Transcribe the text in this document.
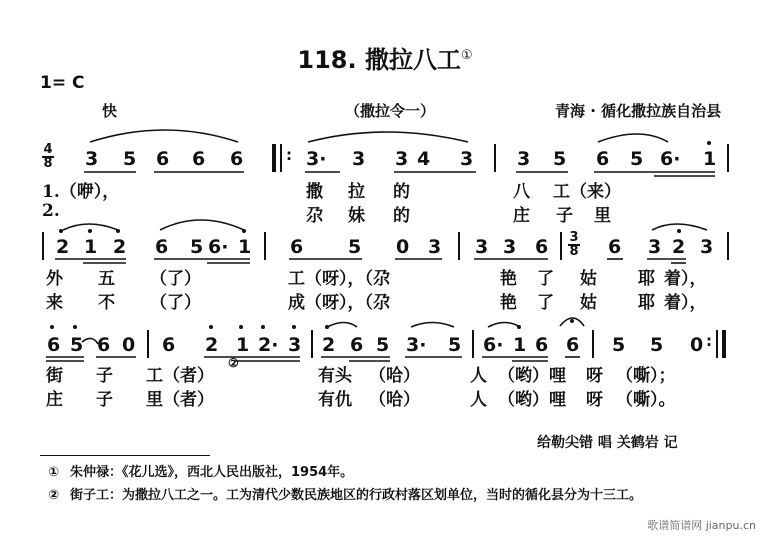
118. 撒拉八工①
1= C
快	（撒拉令一）	青海 · 循化撒拉族自治县
4
8 3 5 6 6 6	: 3· 3 3 4 3 3 5 6 5 6· 1
1.（咿），	撒 拉 的	八 工（来）
2.	尕 妹 的	庄 子 里
2 1 2 6 5 6· 1 6 5 0 3 3 3 6 3
8 6 3 2 3
外 五 （了）	工（呀），（尕	艳 了 姑 耶 着），
来 不 （了）	成（呀），（尕	艳 了 姑 耶 着），
6 5 6 0 6 2 1 2· 3 2 6 5 3· 5 6· 1 6 6 5 5 0 :
街 子 工（者）
②
有头 （哈）	人 （哟）哩 呀 （嘶）；
庄 子 里（者）	有仇 （哈）	人 （哟）哩 呀 （嘶）。
给勒尖错 唱 关鹤岩 记
① 朱仲禄：《花儿选》，西北人民出版社，1954年。
② 街子工：为撒拉八工之一。工为清代少数民族地区的行政村落区划单位，当时的循化县分为十三工。
歌谱简谱网 jianpu.cn
